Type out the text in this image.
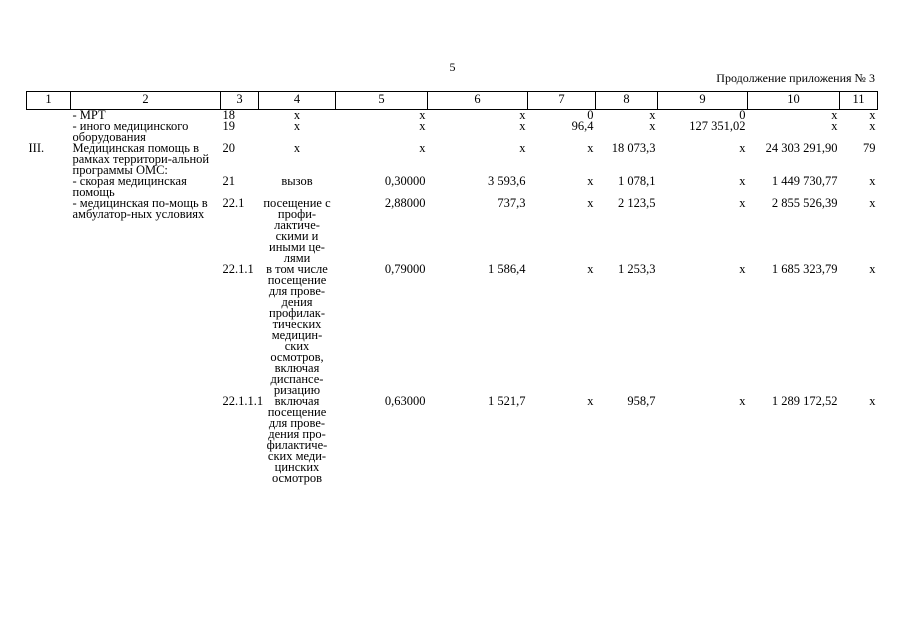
5
Продолжение приложения № 3
1	2	3	4	5	6	7	8	9	10	11
	- МРТ	18	х	х	х	0	х	0	х	х
	- иного медицинского оборудования	19	х	х	х	96,4	х	127 351,02	х	х
III.	Медицинская помощь в рамках территори-альной программы ОМС:	20	х	х	х	х	18 073,3	х	24 303 291,90	79
	- скорая медицинская помощь	21	вызов	0,30000	3 593,6	х	1 078,1	х	1 449 730,77	х
	- медицинская по-мощь в амбулатор-ных условиях	22.1	посещение с профи-лактиче-скими и иными це-лями	2,88000	737,3	х	2 123,5	х	2 855 526,39	х
		22.1.1	в том числе посещение для прове-дения профилак-тических медицин-ских осмотров, включая диспансе-ризацию	0,79000	1 586,4	х	1 253,3	х	1 685 323,79	х
		22.1.1.1	включая посещение для прове-дения про-филактиче-ских меди-цинских осмотров	0,63000	1 521,7	х	958,7	х	1 289 172,52	х
